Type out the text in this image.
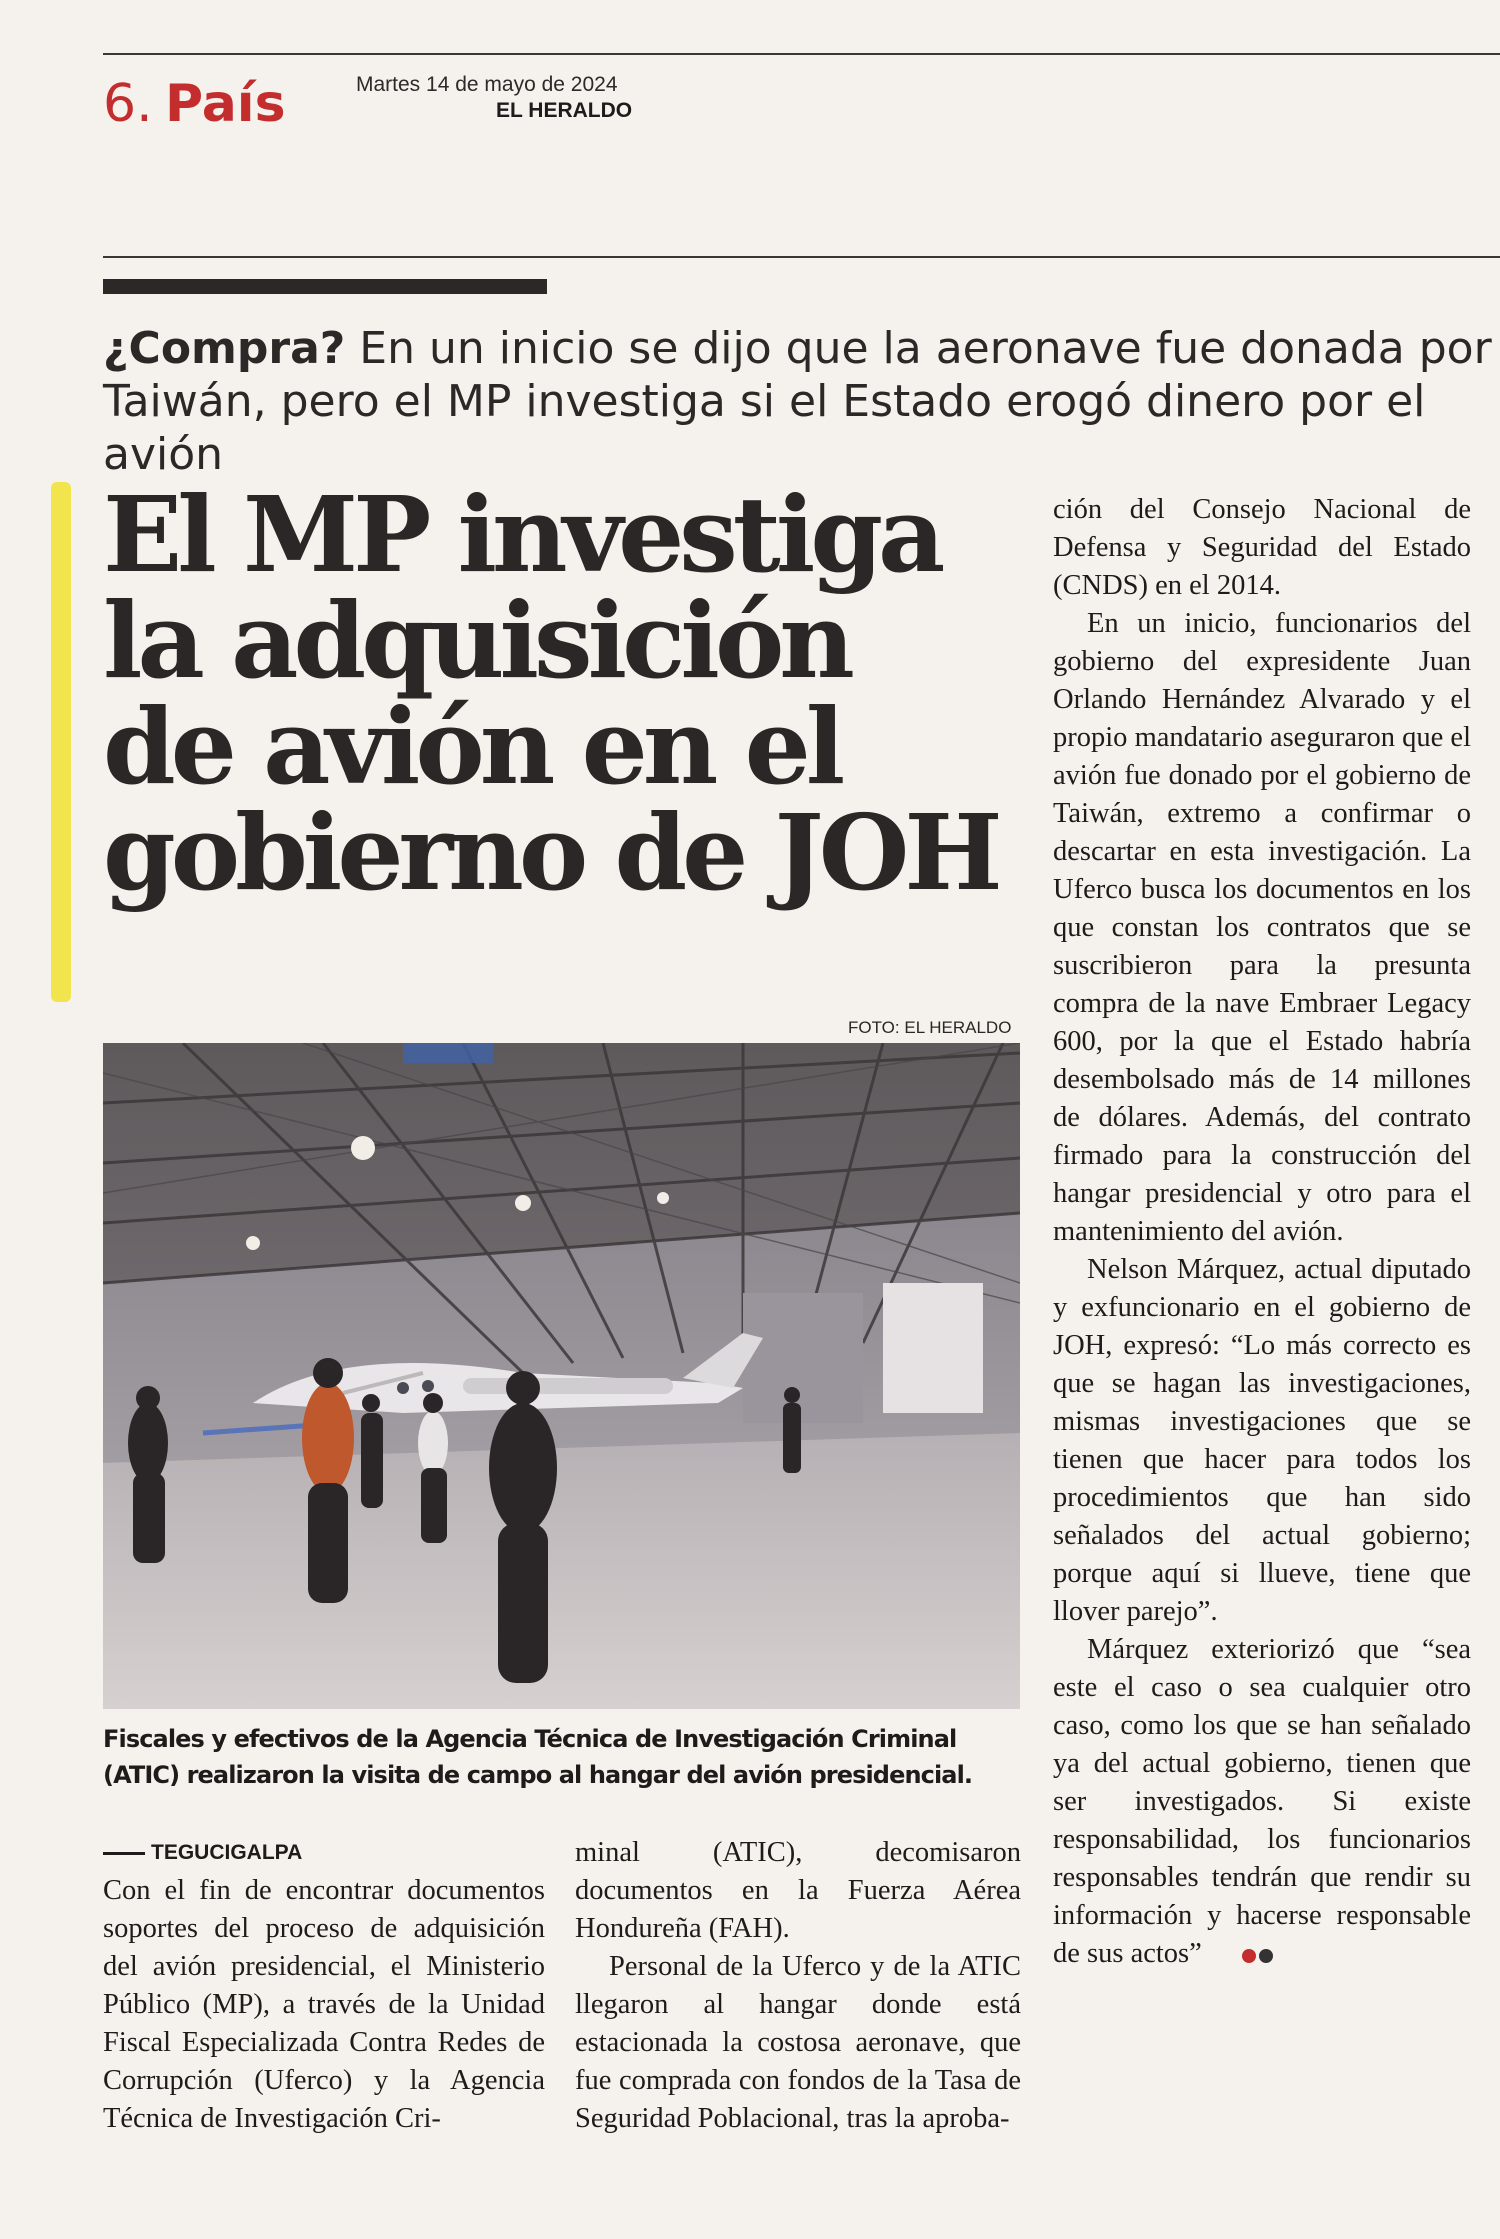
6. País	Martes 14 de mayo de 2024
EL HERALDO
¿Compra? En un inicio se dijo que la aeronave fue donada por Taiwán, pero el MP investiga si el Estado erogó dinero por el avión
El MP investiga
la adquisición
de avión en el
gobierno de JOH
FOTO: EL HERALDO
Fiscales y efectivos de la Agencia Técnica de Investigación Criminal
(ATIC) realizaron la visita de campo al hangar del avión presidencial.
TEGUCIGALPA

Con el fin de encontrar documentos soportes del proceso de adquisición del avión presidencial, el Ministerio Público (MP), a través de la Unidad Fiscal Especializada Contra Redes de Corrupción (Uferco) y la Agencia Técnica de Investigación Cri-

minal (ATIC), decomisaron documentos en la Fuerza Aérea Hondureña (FAH).

Personal de la Uferco y de la ATIC llegaron al hangar donde está estacionada la costosa aeronave, que fue comprada con fondos de la Tasa de Seguridad Poblacional, tras la aproba-

ción del Consejo Nacional de Defensa y Seguridad del Estado (CNDS) en el 2014.

En un inicio, funcionarios del gobierno del expresidente Juan Orlando Hernández Alvarado y el propio mandatario aseguraron que el avión fue donado por el gobierno de Taiwán, extremo a confirmar o descartar en esta investigación. La Uferco busca los documentos en los que constan los contratos que se suscribieron para la presunta compra de la nave Embraer Legacy 600, por la que el Estado habría desembolsado más de 14 millones de dólares. Además, del contrato firmado para la construcción del hangar presidencial y otro para el mantenimiento del avión.

Nelson Márquez, actual diputado y exfuncionario en el gobierno de JOH, expresó: “Lo más correcto es que se hagan las investigaciones, mismas investigaciones que se tienen que hacer para todos los procedimientos que han sido señalados del actual gobierno; porque aquí si llueve, tiene que llover parejo”.

Márquez exteriorizó que “sea este el caso o sea cualquier otro caso, como los que se han señalado ya del actual gobierno, tienen que ser investigados. Si existe responsabilidad, los funcionarios responsables tendrán que rendir su información y hacerse responsable de sus actos”
